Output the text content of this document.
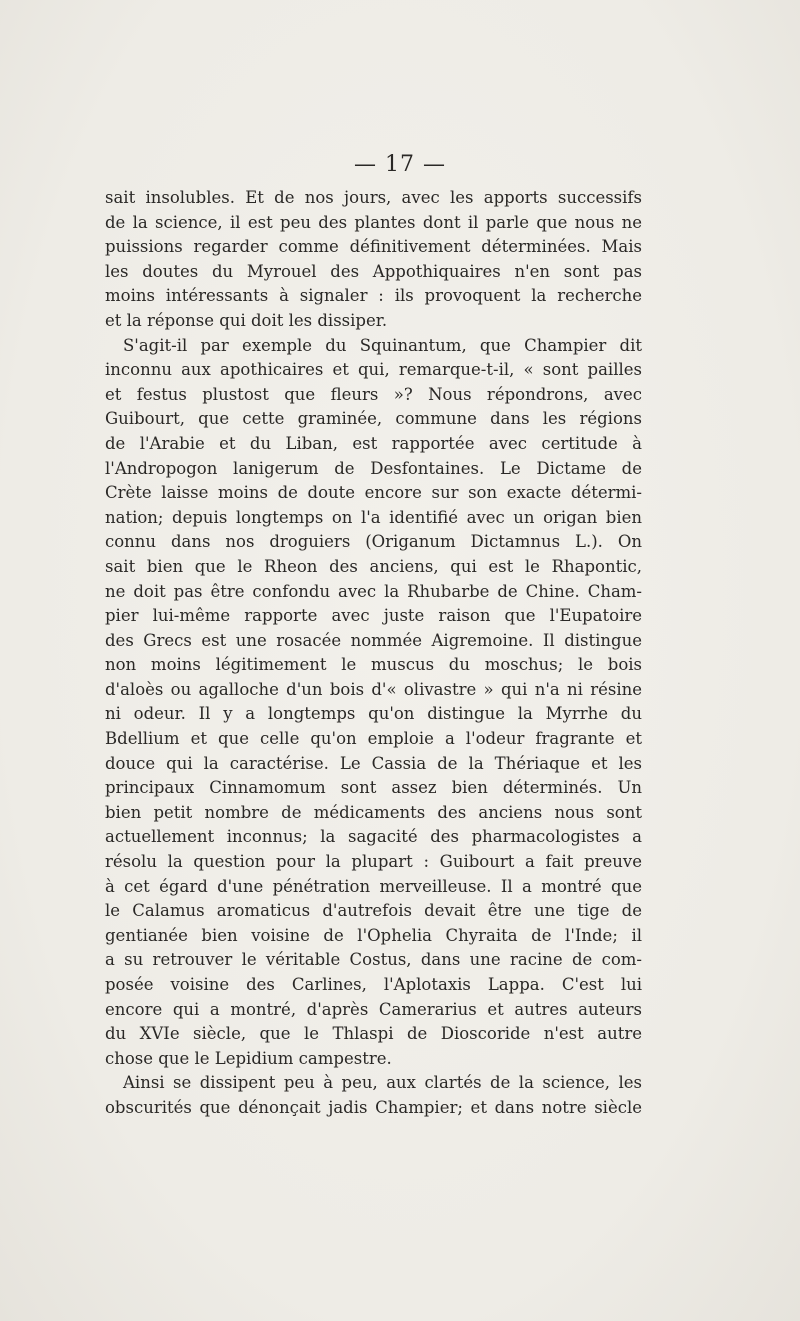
— 17 —
sait insolubles. Et de nos jours, avec les apports successifs
de la science, il est peu des plantes dont il parle que nous ne
puissions regarder comme définitivement déterminées. Mais
les doutes du Myrouel des Appothiquaires n'en sont pas
moins intéressants à signaler : ils provoquent la recherche
et la réponse qui doit les dissiper.
S'agit-il par exemple du Squinantum, que Champier dit
inconnu aux apothicaires et qui, remarque-t-il, « sont pailles
et festus plustost que fleurs »? Nous répondrons, avec
Guibourt, que cette graminée, commune dans les régions
de l'Arabie et du Liban, est rapportée avec certitude à
l'Andropogon lanigerum de Desfontaines. Le Dictame de
Crète laisse moins de doute encore sur son exacte détermi-
nation; depuis longtemps on l'a identifié avec un origan bien
connu dans nos droguiers (Origanum Dictamnus L.). On
sait bien que le Rheon des anciens, qui est le Rhapontic,
ne doit pas être confondu avec la Rhubarbe de Chine. Cham-
pier lui-même rapporte avec juste raison que l'Eupatoire
des Grecs est une rosacée nommée Aigremoine. Il distingue
non moins légitimement le muscus du moschus; le bois
d'aloès ou agalloche d'un bois d'« olivastre » qui n'a ni résine
ni odeur. Il y a longtemps qu'on distingue la Myrrhe du
Bdellium et que celle qu'on emploie a l'odeur fragrante et
douce qui la caractérise. Le Cassia de la Thériaque et les
principaux Cinnamomum sont assez bien déterminés. Un
bien petit nombre de médicaments des anciens nous sont
actuellement inconnus; la sagacité des pharmacologistes a
résolu la question pour la plupart : Guibourt a fait preuve
à cet égard d'une pénétration merveilleuse. Il a montré que
le Calamus aromaticus d'autrefois devait être une tige de
gentianée bien voisine de l'Ophelia Chyraita de l'Inde; il
a su retrouver le véritable Costus, dans une racine de com-
posée voisine des Carlines, l'Aplotaxis Lappa. C'est lui
encore qui a montré, d'après Camerarius et autres auteurs
du XVIe siècle, que le Thlaspi de Dioscoride n'est autre
chose que le Lepidium campestre.
Ainsi se dissipent peu à peu, aux clartés de la science, les
obscurités que dénonçait jadis Champier; et dans notre siècle
